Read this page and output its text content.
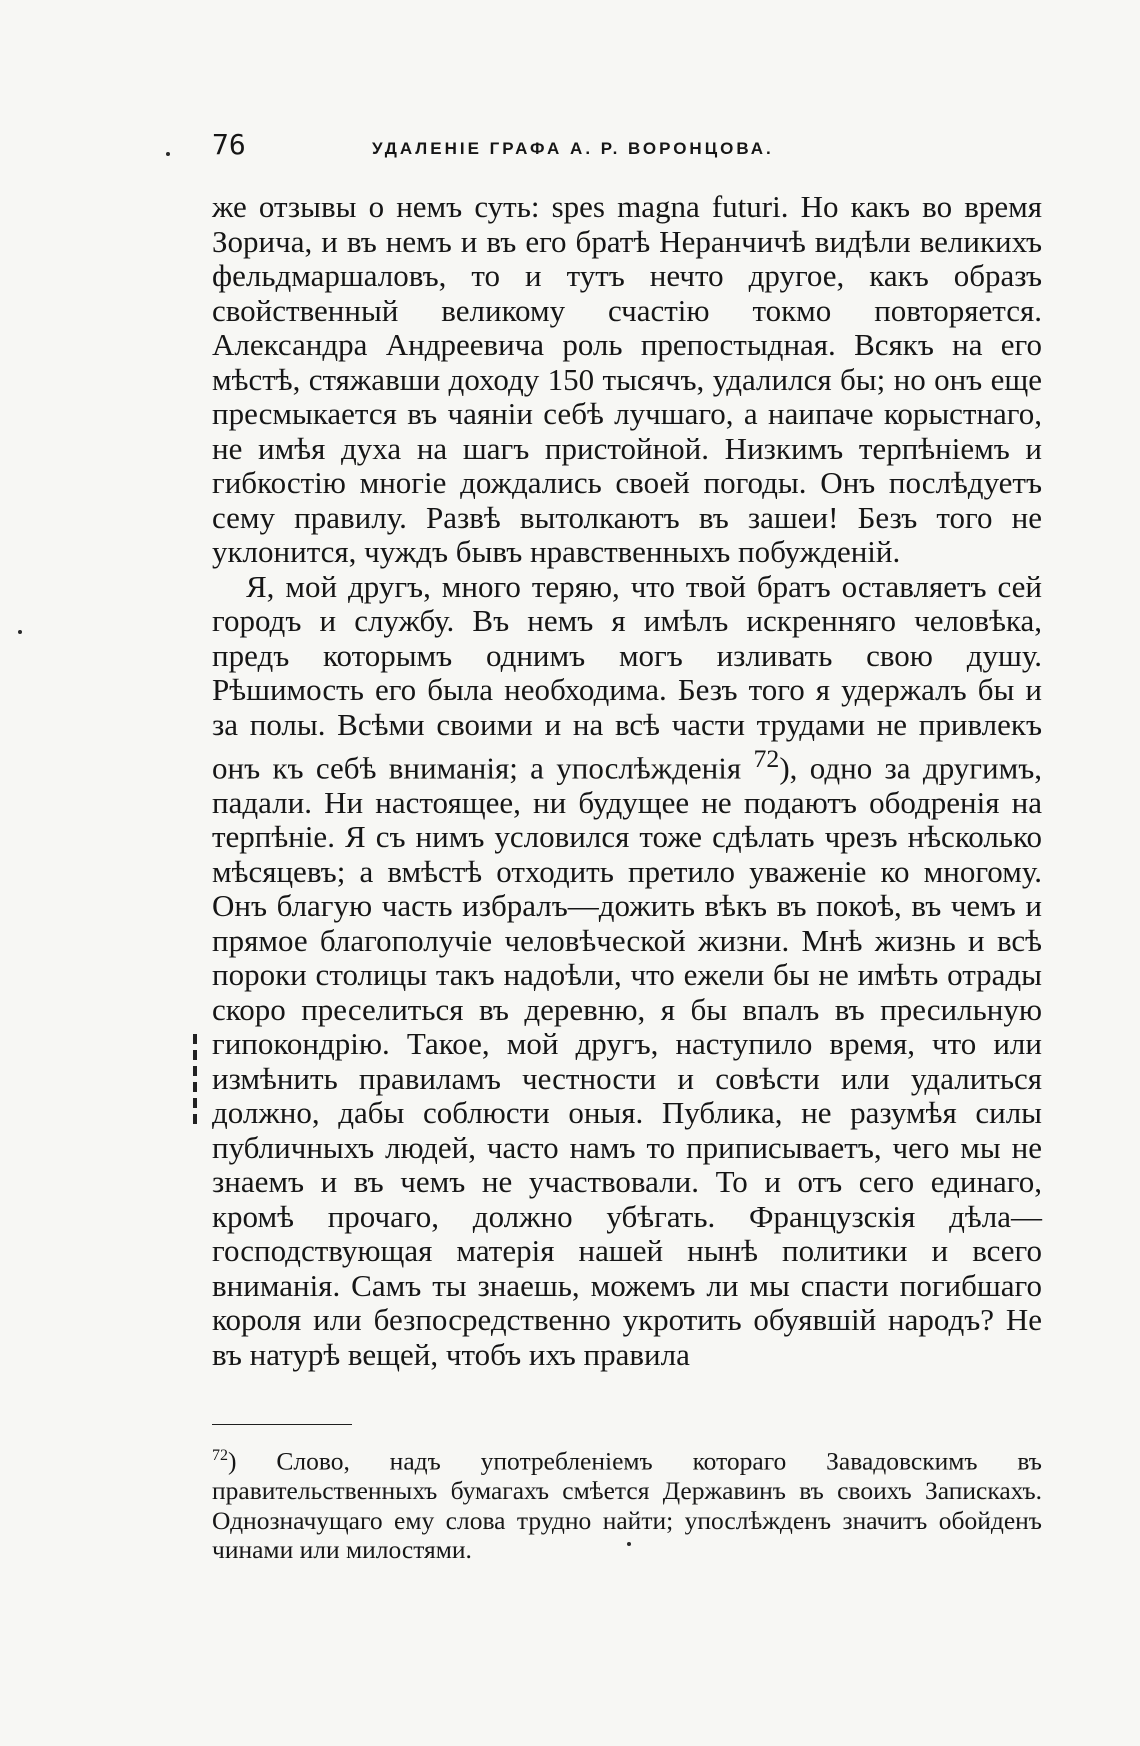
76	УДАЛЕНІЕ ГРАФА А. Р. ВОРОНЦОВА.

же отзывы о немъ суть: spes magna futuri. Но какъ во время Зорича, и въ немъ и въ его братѣ Неранчичѣ видѣли великихъ фельдмаршаловъ, то и тутъ нечто другое, какъ образъ свойственный великому счастію токмо повторяется. Александра Андреевича роль препостыдная. Всякъ на его мѣстѣ, стяжавши доходу 150 тысячъ, удалился бы; но онъ еще пресмыкается въ чаяніи себѣ лучшаго, а наипаче корыстнаго, не имѣя духа на шагъ пристойной. Низкимъ терпѣніемъ и гибкостію многіе дождались своей погоды. Онъ послѣдуетъ сему правилу. Развѣ вытолкаютъ въ зашеи! Безъ того не уклонится, чуждъ бывъ нравственныхъ побужденій.

Я, мой другъ, много теряю, что твой братъ оставляетъ сей городъ и службу. Въ немъ я имѣлъ искренняго человѣка, предъ которымъ однимъ могъ изливать свою душу. Рѣшимость его была необходима. Безъ того я удержалъ бы и за полы. Всѣми своими и на всѣ части трудами не привлекъ онъ къ себѣ вниманія; а упослѣжденія $^{72}$), одно за другимъ, падали. Ни настоящее, ни будущее не подаютъ ободренія на терпѣніе. Я съ нимъ условился тоже сдѣлать чрезъ нѣсколько мѣсяцевъ; а вмѣстѣ отходить претило уваженіе ко многому. Онъ благую часть избралъ—дожить вѣкъ въ покоѣ, въ чемъ и прямое благополучіе человѣческой жизни. Мнѣ жизнь и всѣ пороки столицы такъ надоѣли, что ежели бы не имѣть отрады скоро преселиться въ деревню, я бы впалъ въ пресильную гипокондрію. Такое, мой другъ, наступило время, что или измѣнить правиламъ честности и совѣсти или удалиться должно, дабы соблюсти оныя. Публика, не разумѣя силы публичныхъ людей, часто намъ то приписываетъ, чего мы не знаемъ и въ чемъ не участвовали. То и отъ сего единаго, кромѣ прочаго, должно убѣгать. Французскія дѣла—господствующая матерія нашей нынѣ политики и всего вниманія. Самъ ты знаешь, можемъ ли мы спасти погибшаго короля или безпосредственно укротить обуявшій народъ? Не въ натурѣ вещей, чтобъ ихъ правила

$^{72}$) Слово, надъ употребленіемъ котораго Завадовскимъ въ правительственныхъ бумагахъ смѣется Державинъ въ своихъ Запискахъ. Однозначущаго ему слова трудно найти; упослѣжденъ значитъ обойденъ чинами или милостями.
